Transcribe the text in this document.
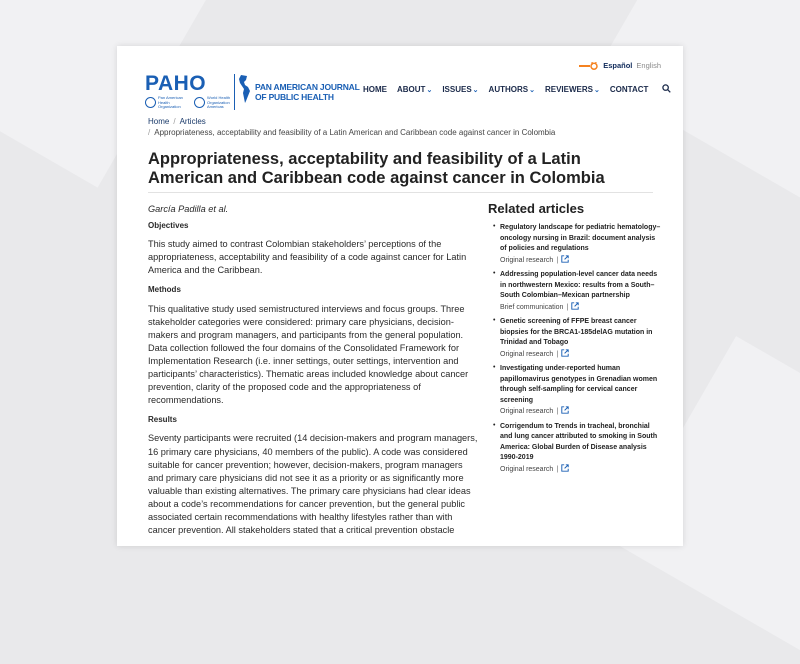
Español English
PAHO
Pan American Health Organization
World Health Organization Americas
PAN AMERICAN JOURNAL
OF PUBLIC HEALTH
HOME ABOUT ⌄ ISSUES ⌄ AUTHORS ⌄ REVIEWERS ⌄ CONTACT
Home / Articles
/ Appropriateness, acceptability and feasibility of a Latin American and Caribbean code against cancer in Colombia
Appropriateness, acceptability and feasibility of a Latin American and Caribbean code against cancer in Colombia

García Padilla et al.

Objectives

This study aimed to contrast Colombian stakeholders’ perceptions of the appropriateness, acceptability and feasibility of a code against cancer for Latin America and the Caribbean.

Methods

This qualitative study used semistructured interviews and focus groups. Three stakeholder categories were considered: primary care physicians, decision-makers and program managers, and participants from the general population. Data collection followed the four domains of the Consolidated Framework for Implementation Research (i.e. inner settings, outer settings, intervention and participants’ characteristics). Thematic areas included knowledge about cancer prevention, clarity of the proposed code and the appropriateness of recommendations.

Results

Seventy participants were recruited (14 decision-makers and program managers, 16 primary care physicians, 40 members of the public). A code was considered suitable for cancer prevention; however, decision-makers, program managers and primary care physicians did not see it as a priority or as significantly more valuable than existing alternatives. The primary care physicians had clear ideas about a code’s recommendations for cancer prevention, but the general public associated certain recommendations with healthy lifestyles rather than with cancer prevention. All stakeholders stated that a critical prevention obstacle

Related articles
• Regulatory landscape for pediatric hematology– oncology nursing in Brazil: document analysis of policies and regulations
Original research |
• Addressing population-level cancer data needs in northwestern Mexico: results from a South–South Colombian–Mexican partnership
Brief communication |
• Genetic screening of FFPE breast cancer biopsies for the BRCA1-185delAG mutation in Trinidad and Tobago
Original research |
• Investigating under-reported human papillomavirus genotypes in Grenadian women through self-sampling for cervical cancer screening
Original research |
• Corrigendum to Trends in tracheal, bronchial and lung cancer attributed to smoking in South America: Global Burden of Disease analysis 1990-2019
Original research |
